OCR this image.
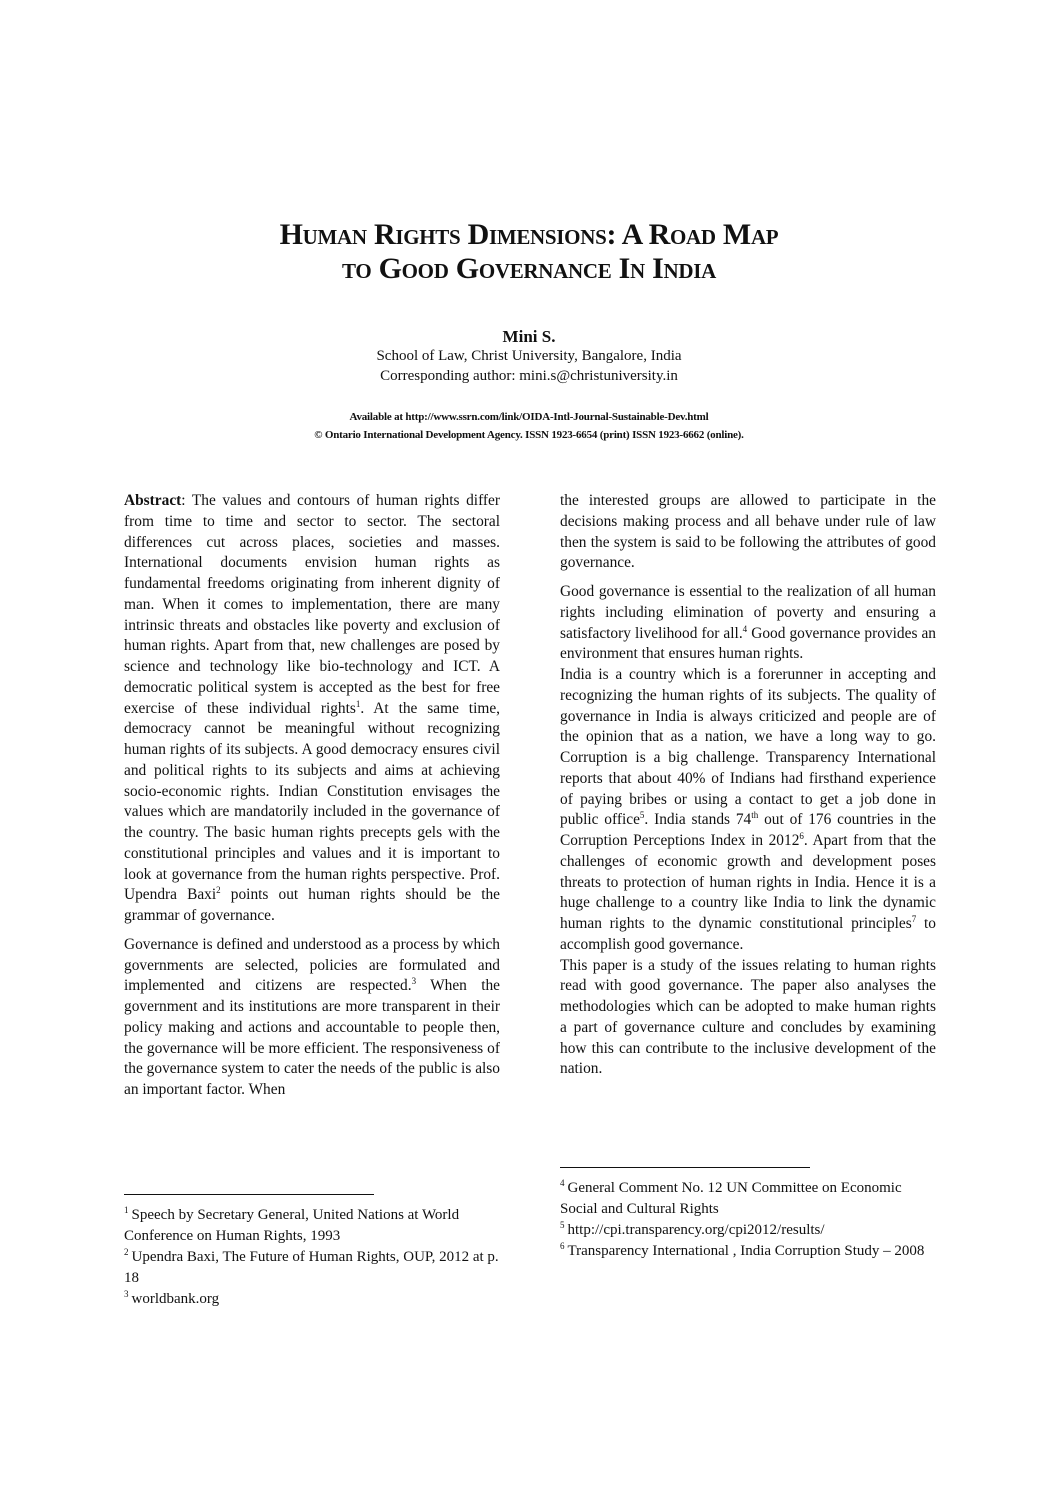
Human Rights Dimensions: A Road Map
to Good Governance In India
Mini S.
School of Law, Christ University, Bangalore, India
Corresponding author: mini.s@christuniversity.in
Available at http://www.ssrn.com/link/OIDA-Intl-Journal-Sustainable-Dev.html
© Ontario International Development Agency. ISSN 1923-6654 (print) ISSN 1923-6662 (online).

Abstract: The values and contours of human rights differ from time to time and sector to sector. The sectoral differences cut across places, societies and masses. International documents envision human rights as fundamental freedoms originating from inherent dignity of man. When it comes to implementation, there are many intrinsic threats and obstacles like poverty and exclusion of human rights. Apart from that, new challenges are posed by science and technology like bio-technology and ICT. A democratic political system is accepted as the best for free exercise of these individual rights$^1$. At the same time, democracy cannot be meaningful without recognizing human rights of its subjects. A good democracy ensures civil and political rights to its subjects and aims at achieving socio-economic rights. Indian Constitution envisages the values which are mandatorily included in the governance of the country. The basic human rights precepts gels with the constitutional principles and values and it is important to look at governance from the human rights perspective. Prof. Upendra Baxi$^2$ points out human rights should be the grammar of governance.

Governance is defined and understood as a process by which governments are selected, policies are formulated and implemented and citizens are respected.$^3$ When the government and its institutions are more transparent in their policy making and actions and accountable to people then, the governance will be more efficient. The responsiveness of the governance system to cater the needs of the public is also an important factor. When

the interested groups are allowed to participate in the decisions making process and all behave under rule of law then the system is said to be following the attributes of good governance.

Good governance is essential to the realization of all human rights including elimination of poverty and ensuring a satisfactory livelihood for all.$^4$ Good governance provides an environment that ensures human rights.

India is a country which is a forerunner in accepting and recognizing the human rights of its subjects. The quality of governance in India is always criticized and people are of the opinion that as a nation, we have a long way to go. Corruption is a big challenge. Transparency International reports that about 40% of Indians had firsthand experience of paying bribes or using a contact to get a job done in public office$^5$. India stands 74th out of 176 countries in the Corruption Perceptions Index in 2012$^6$. Apart from that the challenges of economic growth and development poses threats to protection of human rights in India. Hence it is a huge challenge to a country like India to link the dynamic human rights to the dynamic constitutional principles$^7$ to accomplish good governance.

This paper is a study of the issues relating to human rights read with good governance. The paper also analyses the methodologies which can be adopted to make human rights a part of governance culture and concludes by examining how this can contribute to the inclusive development of the nation.

$^1$ Speech by Secretary General, United Nations at World Conference on Human Rights, 1993
$^2$ Upendra Baxi, The Future of Human Rights, OUP, 2012 at p. 18
$^3$ worldbank.org
$^4$ General Comment No. 12 UN Committee on Economic Social and Cultural Rights
$^5$ http://cpi.transparency.org/cpi2012/results/
$^6$ Transparency International , India Corruption Study – 2008
